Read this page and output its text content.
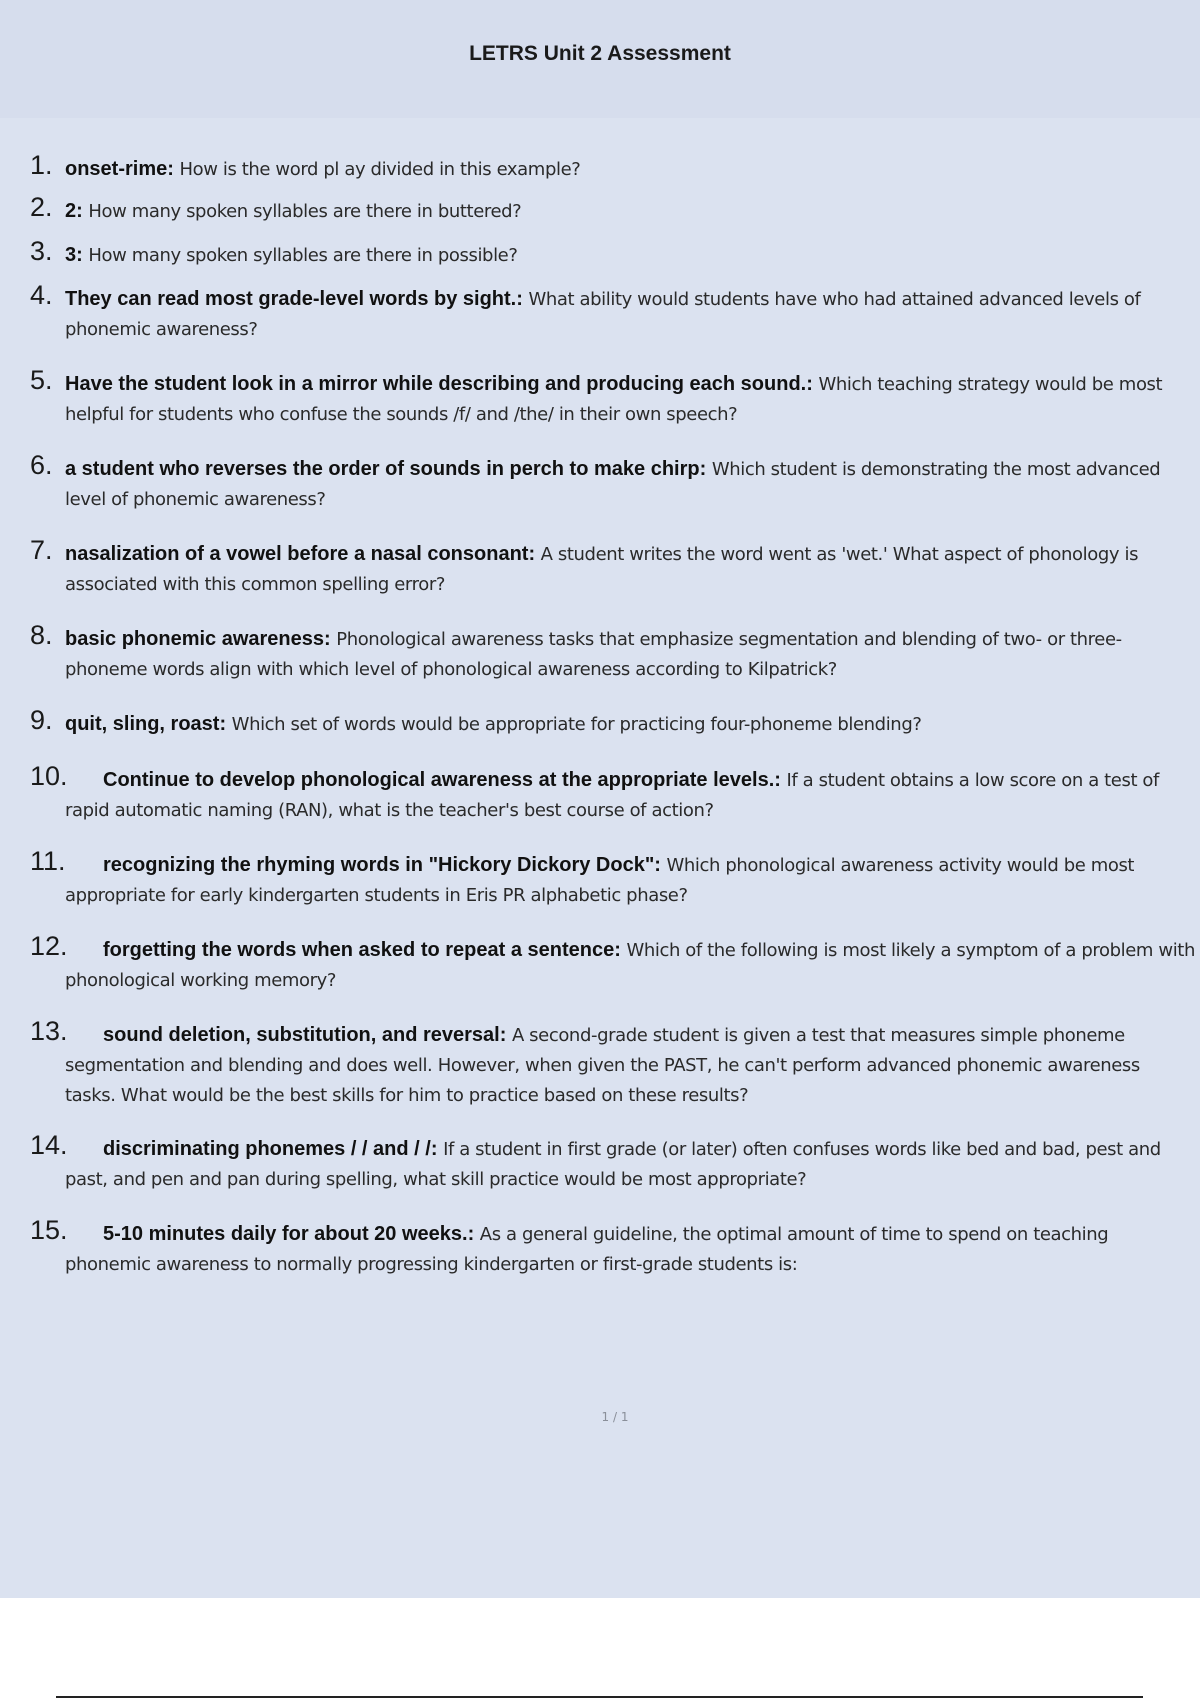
LETRS Unit 2 Assessment
1. onset-rime: How is the word pl ay divided in this example?
2. 2: How many spoken syllables are there in buttered?
3. 3: How many spoken syllables are there in possible?
4. They can read most grade-level words by sight.: What ability would students have who had attained advanced levels of phonemic awareness?
5. Have the student look in a mirror while describing and producing each sound.: Which teaching strategy would be most helpful for students who confuse the sounds /f/ and /the/ in their own speech?
6. a student who reverses the order of sounds in perch to make chirp: Which student is demonstrating the most advanced level of phonemic awareness?
7. nasalization of a vowel before a nasal consonant: A student writes the word went as 'wet.' What aspect of phonology is associated with this common spelling error?
8. basic phonemic awareness: Phonological awareness tasks that emphasize segmentation and blending of two- or three-phoneme words align with which level of phonological awareness according to Kilpatrick?
9. quit, sling, roast: Which set of words would be appropriate for practicing four-phoneme blending?
10. Continue to develop phonological awareness at the appropriate levels.: If a student obtains a low score on a test of rapid automatic naming (RAN), what is the teacher's best course of action?
11. recognizing the rhyming words in "Hickory Dickory Dock": Which phonological awareness activity would be most appropriate for early kindergarten students in Eris PR alphabetic phase?
12. forgetting the words when asked to repeat a sentence: Which of the following is most likely a symptom of a problem with phonological working memory?
13. sound deletion, substitution, and reversal: A second-grade student is given a test that measures simple phoneme segmentation and blending and does well. However, when given the PAST, he can't perform advanced phonemic awareness tasks. What would be the best skills for him to practice based on these results?
14. discriminating phonemes / / and / /: If a student in first grade (or later) often confuses words like bed and bad, pest and past, and pen and pan during spelling, what skill practice would be most appropriate?
15. 5-10 minutes daily for about 20 weeks.: As a general guideline, the optimal amount of time to spend on teaching phonemic awareness to normally progressing kindergarten or first-grade students is:
1 / 1
